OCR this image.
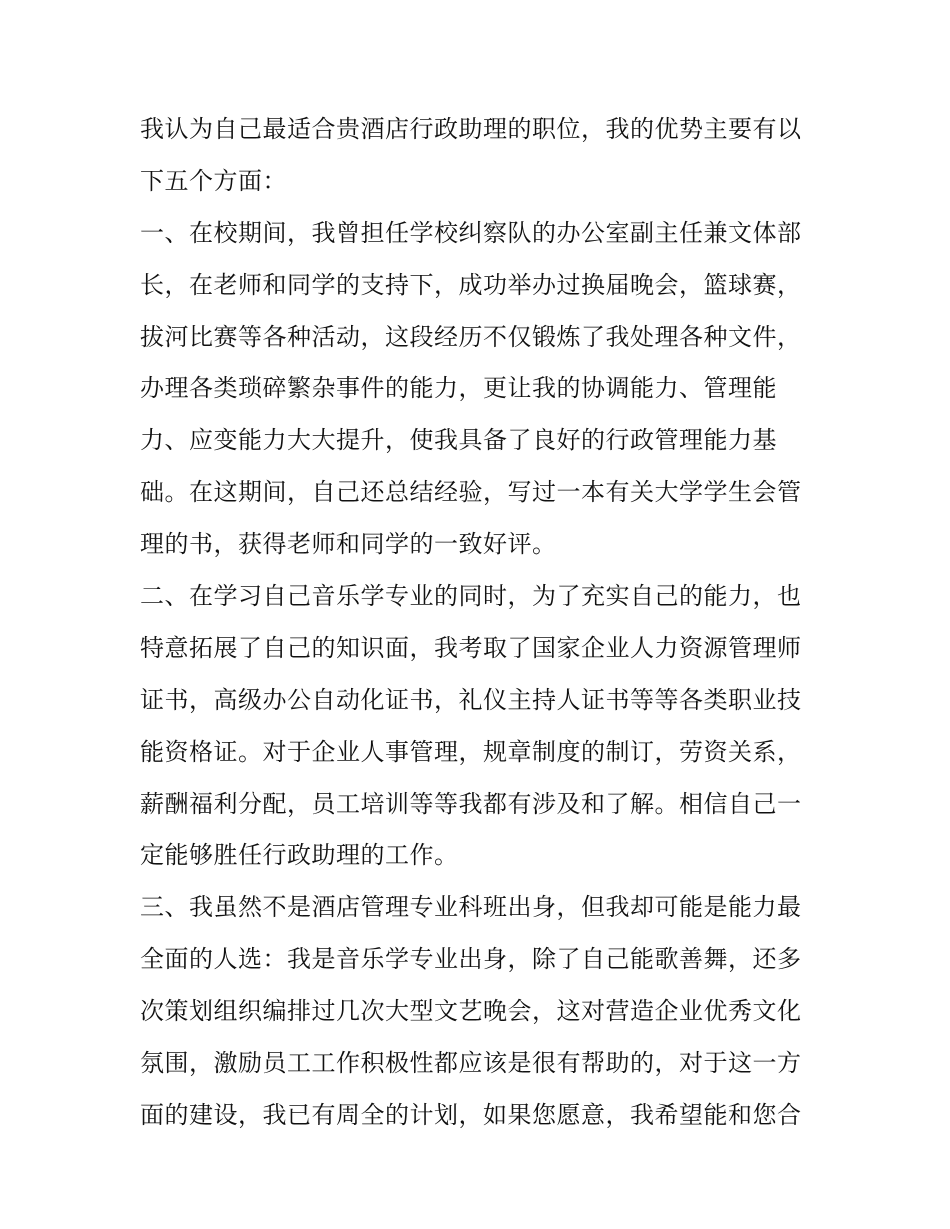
我认为自己最适合贵酒店行政助理的职位，我的优势主要有以
下五个方面：
一、在校期间，我曾担任学校纠察队的办公室副主任兼文体部
长，在老师和同学的支持下，成功举办过换届晚会，篮球赛，
拔河比赛等各种活动，这段经历不仅锻炼了我处理各种文件，
办理各类琐碎繁杂事件的能力，更让我的协调能力、管理能
力、应变能力大大提升，使我具备了良好的行政管理能力基
础。在这期间，自己还总结经验，写过一本有关大学学生会管
理的书，获得老师和同学的一致好评。
二、在学习自己音乐学专业的同时，为了充实自己的能力，也
特意拓展了自己的知识面，我考取了国家企业人力资源管理师
证书，高级办公自动化证书，礼仪主持人证书等等各类职业技
能资格证。对于企业人事管理，规章制度的制订，劳资关系，
薪酬福利分配，员工培训等等我都有涉及和了解。相信自己一
定能够胜任行政助理的工作。
三、我虽然不是酒店管理专业科班出身，但我却可能是能力最
全面的人选：我是音乐学专业出身，除了自己能歌善舞，还多
次策划组织编排过几次大型文艺晚会，这对营造企业优秀文化
氛围，激励员工工作积极性都应该是很有帮助的，对于这一方
面的建设，我已有周全的计划，如果您愿意，我希望能和您合
